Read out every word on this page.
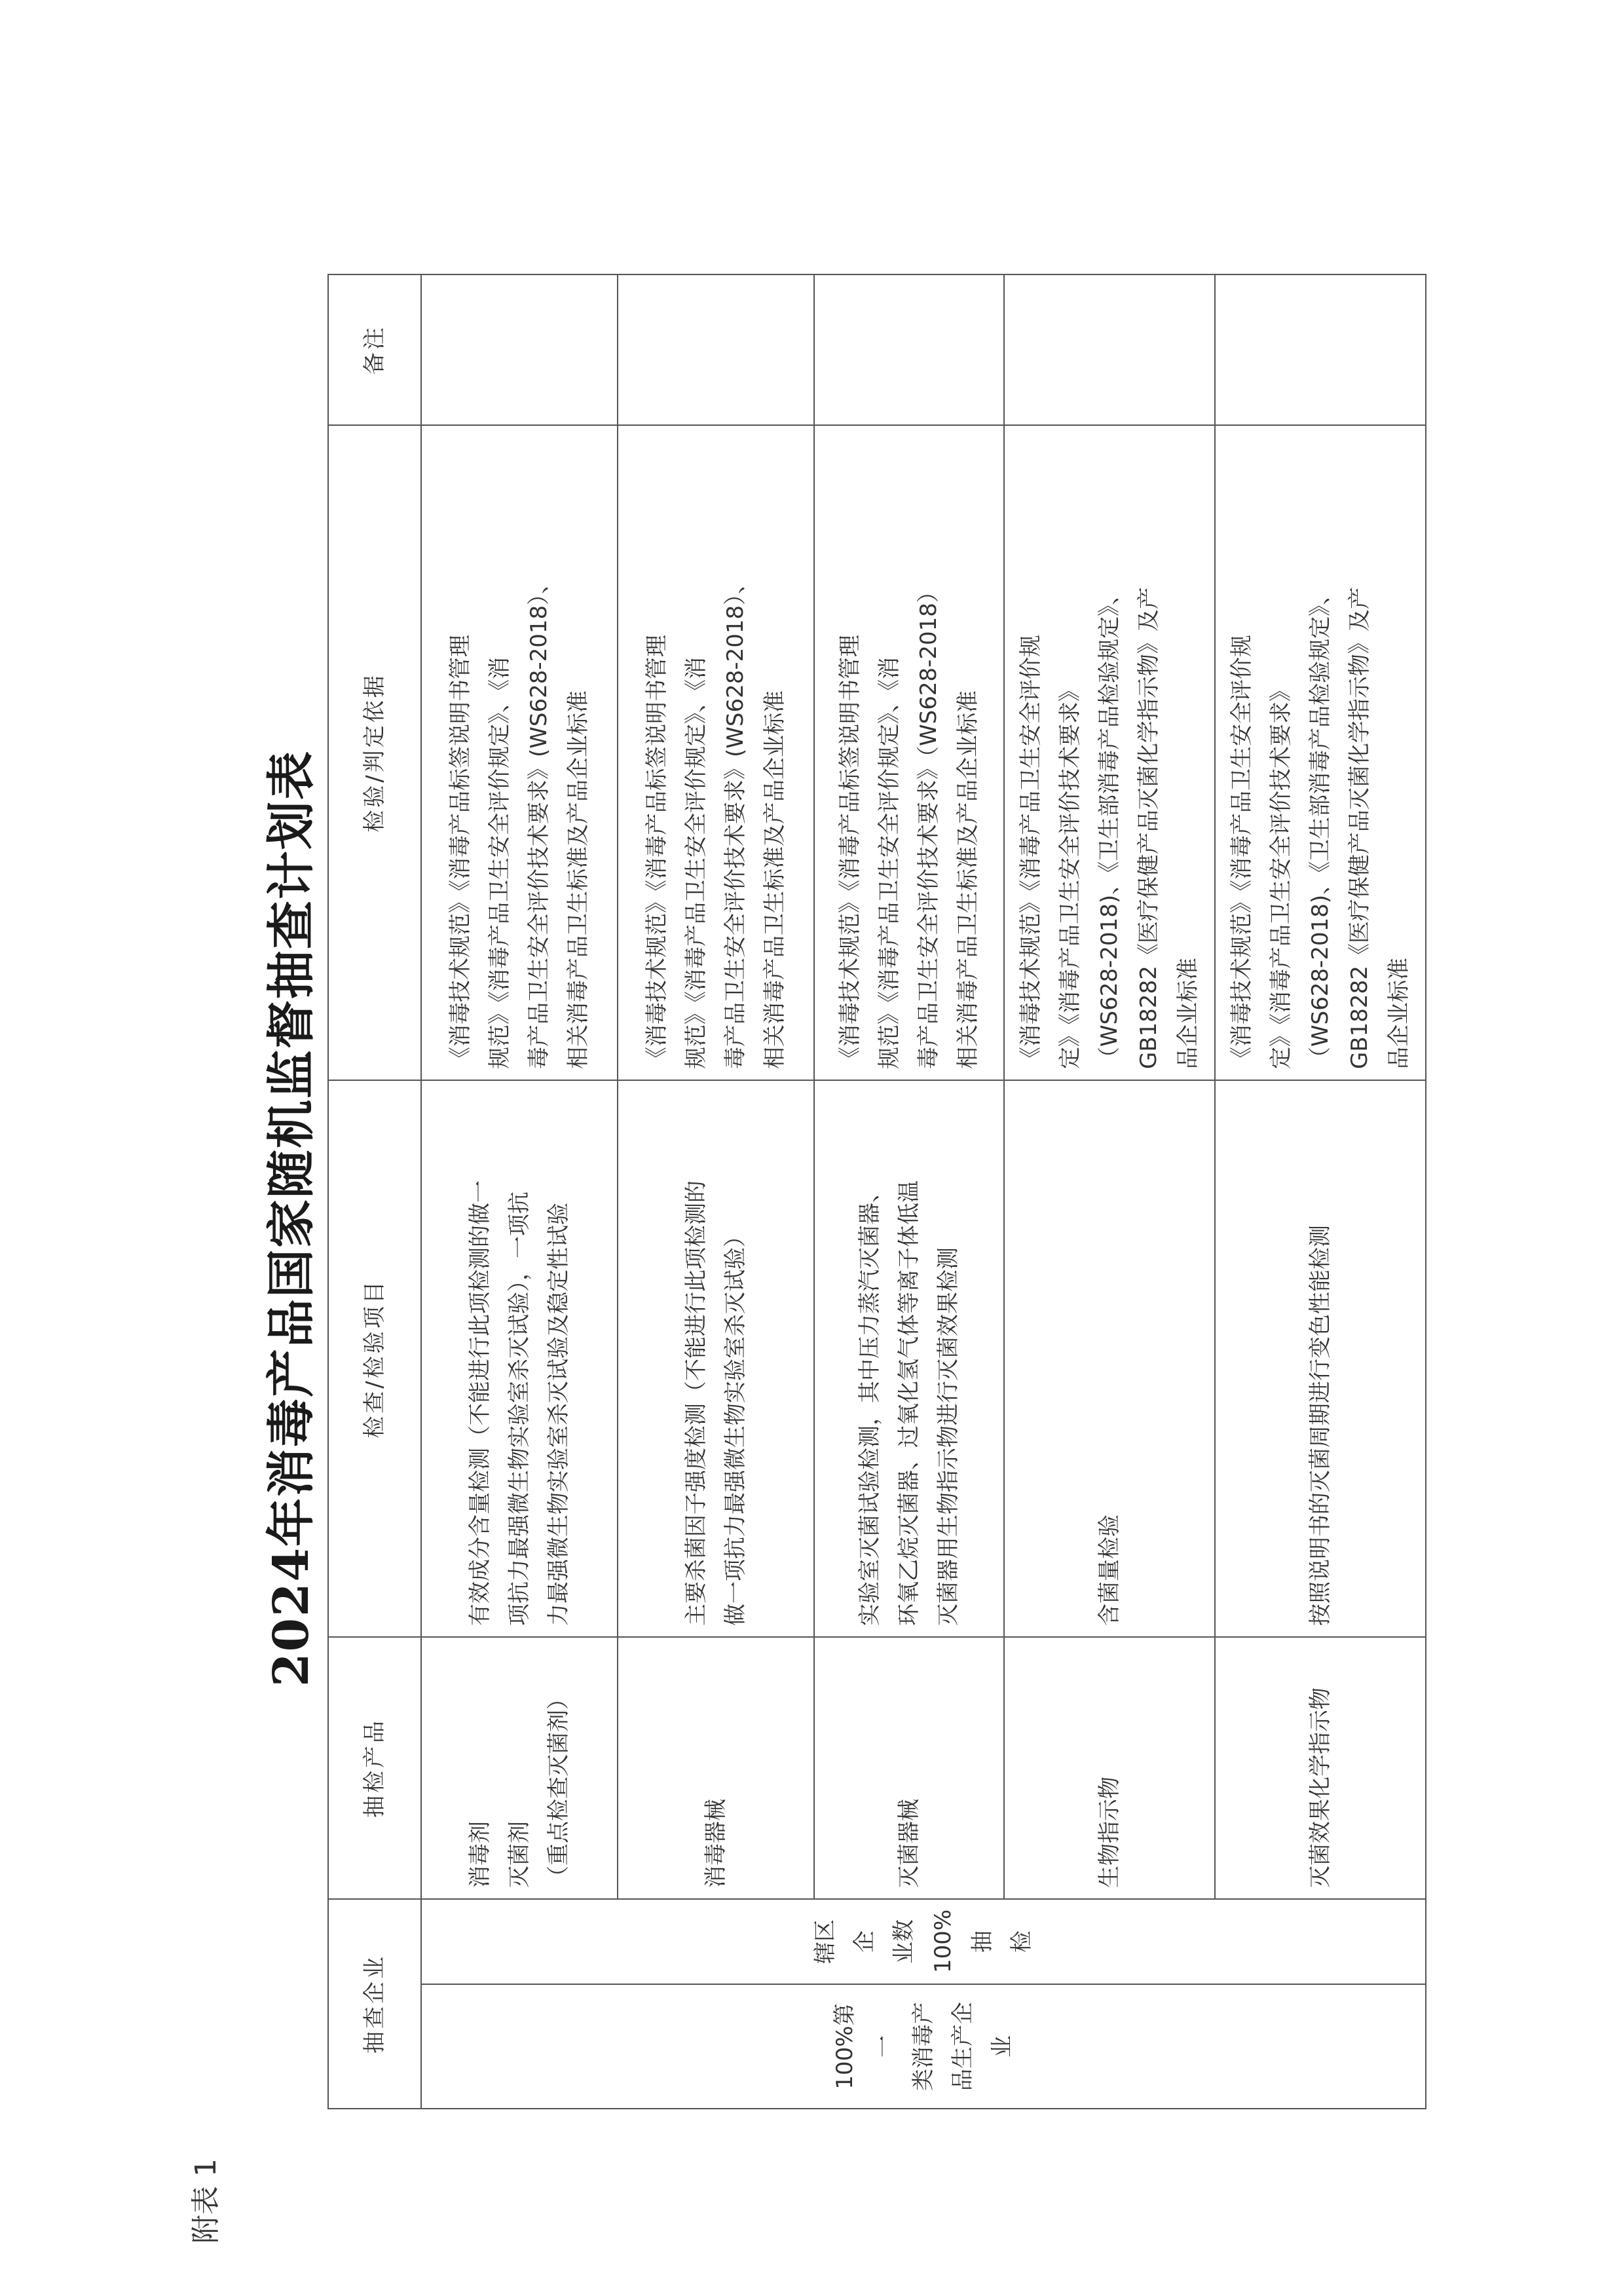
附表 1
2024年消毒产品国家随机监督抽查计划表
抽查企业		抽检产品	检查/检验项目	检验/判定依据	备注

100%第一 类消毒产 品生产企 业	辖区企 业数 100%抽 检	消毒剂 灭菌剂 （重点检查灭菌剂）	有效成分含量检测（不能进行此项检测的做一 项抗力最强微生物实验室杀灭试验），一项抗 力最强微生物实验室杀灭试验及稳定性试验	《消毒技术规范》《消毒产品标签说明书管理 规范》《消毒产品卫生安全评价规定》、《消 毒产品卫生安全评价技术要求》(WS628-2018）、 相关消毒产品卫生标准及产品企业标准	

		消毒器械	主要杀菌因子强度检测（不能进行此项检测的 做一项抗力最强微生物实验室杀灭试验）	《消毒技术规范》《消毒产品标签说明书管理 规范》《消毒产品卫生安全评价规定》、《消 毒产品卫生安全评价技术要求》(WS628-2018）、 相关消毒产品卫生标准及产品企业标准	

		灭菌器械	实验室灭菌试验检测，其中压力蒸汽灭菌器、 环氧乙烷灭菌器、过氧化氢气体等离子体低温 灭菌器用生物指示物进行灭菌效果检测	《消毒技术规范》《消毒产品标签说明书管理 规范》《消毒产品卫生安全评价规定》、《消 毒产品卫生安全评价技术要求》（WS628-2018） 相关消毒产品卫生标准及产品企业标准	

		生物指示物	含菌量检验	《消毒技术规范》《消毒产品卫生安全评价规 定》《消毒产品卫生安全评价技术要求》 （WS628-2018)、《卫生部消毒产品检验规定》、 GB18282《医疗保健产品灭菌化学指示物》及产 品企业标准	

		灭菌效果化学指示物	按照说明书的灭菌周期进行变色性能检测	《消毒技术规范》《消毒产品卫生安全评价规 定》《消毒产品卫生安全评价技术要求》 （WS628-2018)、《卫生部消毒产品检验规定》、 GB18282《医疗保健产品灭菌化学指示物》及产 品企业标准	
